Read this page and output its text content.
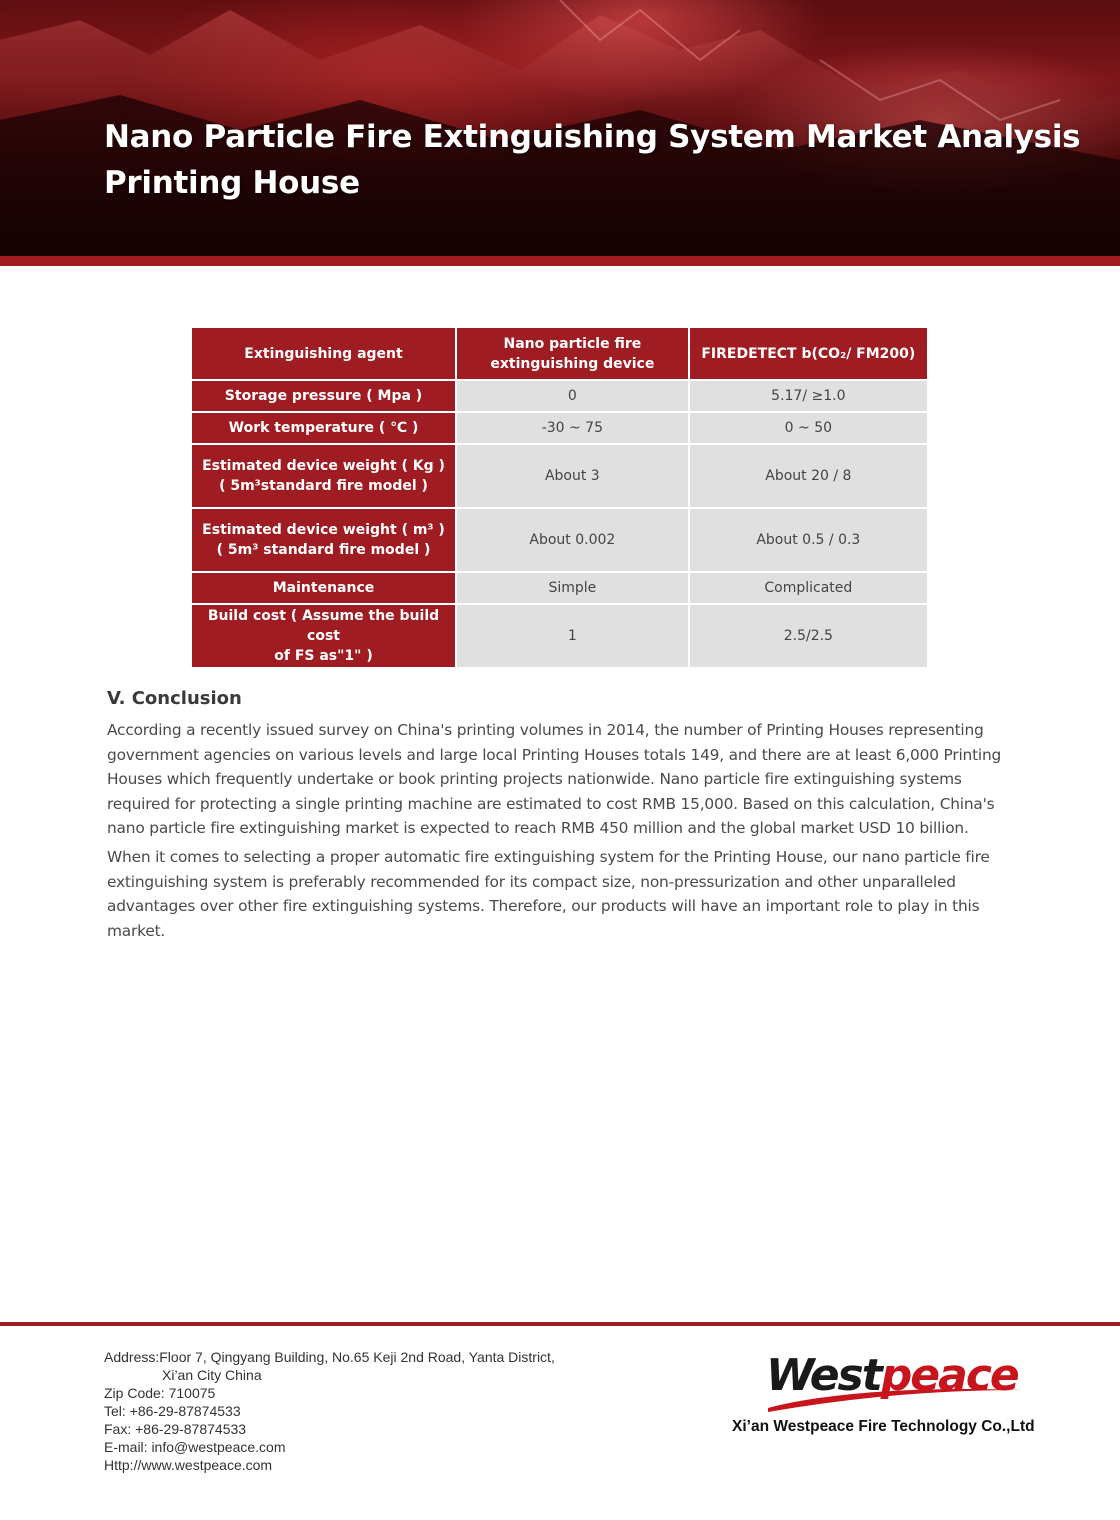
Nano Particle Fire Extinguishing System Market Analysis
Printing House
Extinguishing agent	Nano particle fire extinguishing device	FIREDETECT b(CO₂/ FM200)
Storage pressure ( Mpa )	0	5.17/ ≥1.0
Work temperature ( ℃ )	-30 ~ 75	0 ~ 50

Estimated device weight ( Kg )
( 5m³standard fire model )	About 3	About 20 / 8

Estimated device weight ( m³ )
( 5m³ standard fire model )	About 0.002	About 0.5 / 0.3
Maintenance	Simple	Complicated

Build cost ( Assume the build cost
of FS as"1" )	1	2.5/2.5
V. Conclusion

According a recently issued survey on China's printing volumes in 2014, the number of Printing Houses representing government agencies on various levels and large local Printing Houses totals 149, and there are at least 6,000 Printing Houses which frequently undertake or book printing projects nationwide. Nano particle fire extinguishing systems required for protecting a single printing machine are estimated to cost RMB 15,000. Based on this calculation, China's nano particle fire extinguishing market is expected to reach RMB 450 million and the global market USD 10 billion.

When it comes to selecting a proper automatic fire extinguishing system for the Printing House, our nano particle fire extinguishing system is preferably recommended for its compact size, non-pressurization and other unparalleled advantages over other fire extinguishing systems. Therefore, our products will have an important role to play in this market.

Address:Floor 7, Qingyang Building, No.65 Keji 2nd Road, Yanta District,
Xi’an City China
Zip Code: 710075
Tel: +86-29-87874533
Fax: +86-29-87874533
E-mail: info@westpeace.com
Http://www.westpeace.com
Westpeace
Xi’an Westpeace Fire Technology Co.,Ltd
